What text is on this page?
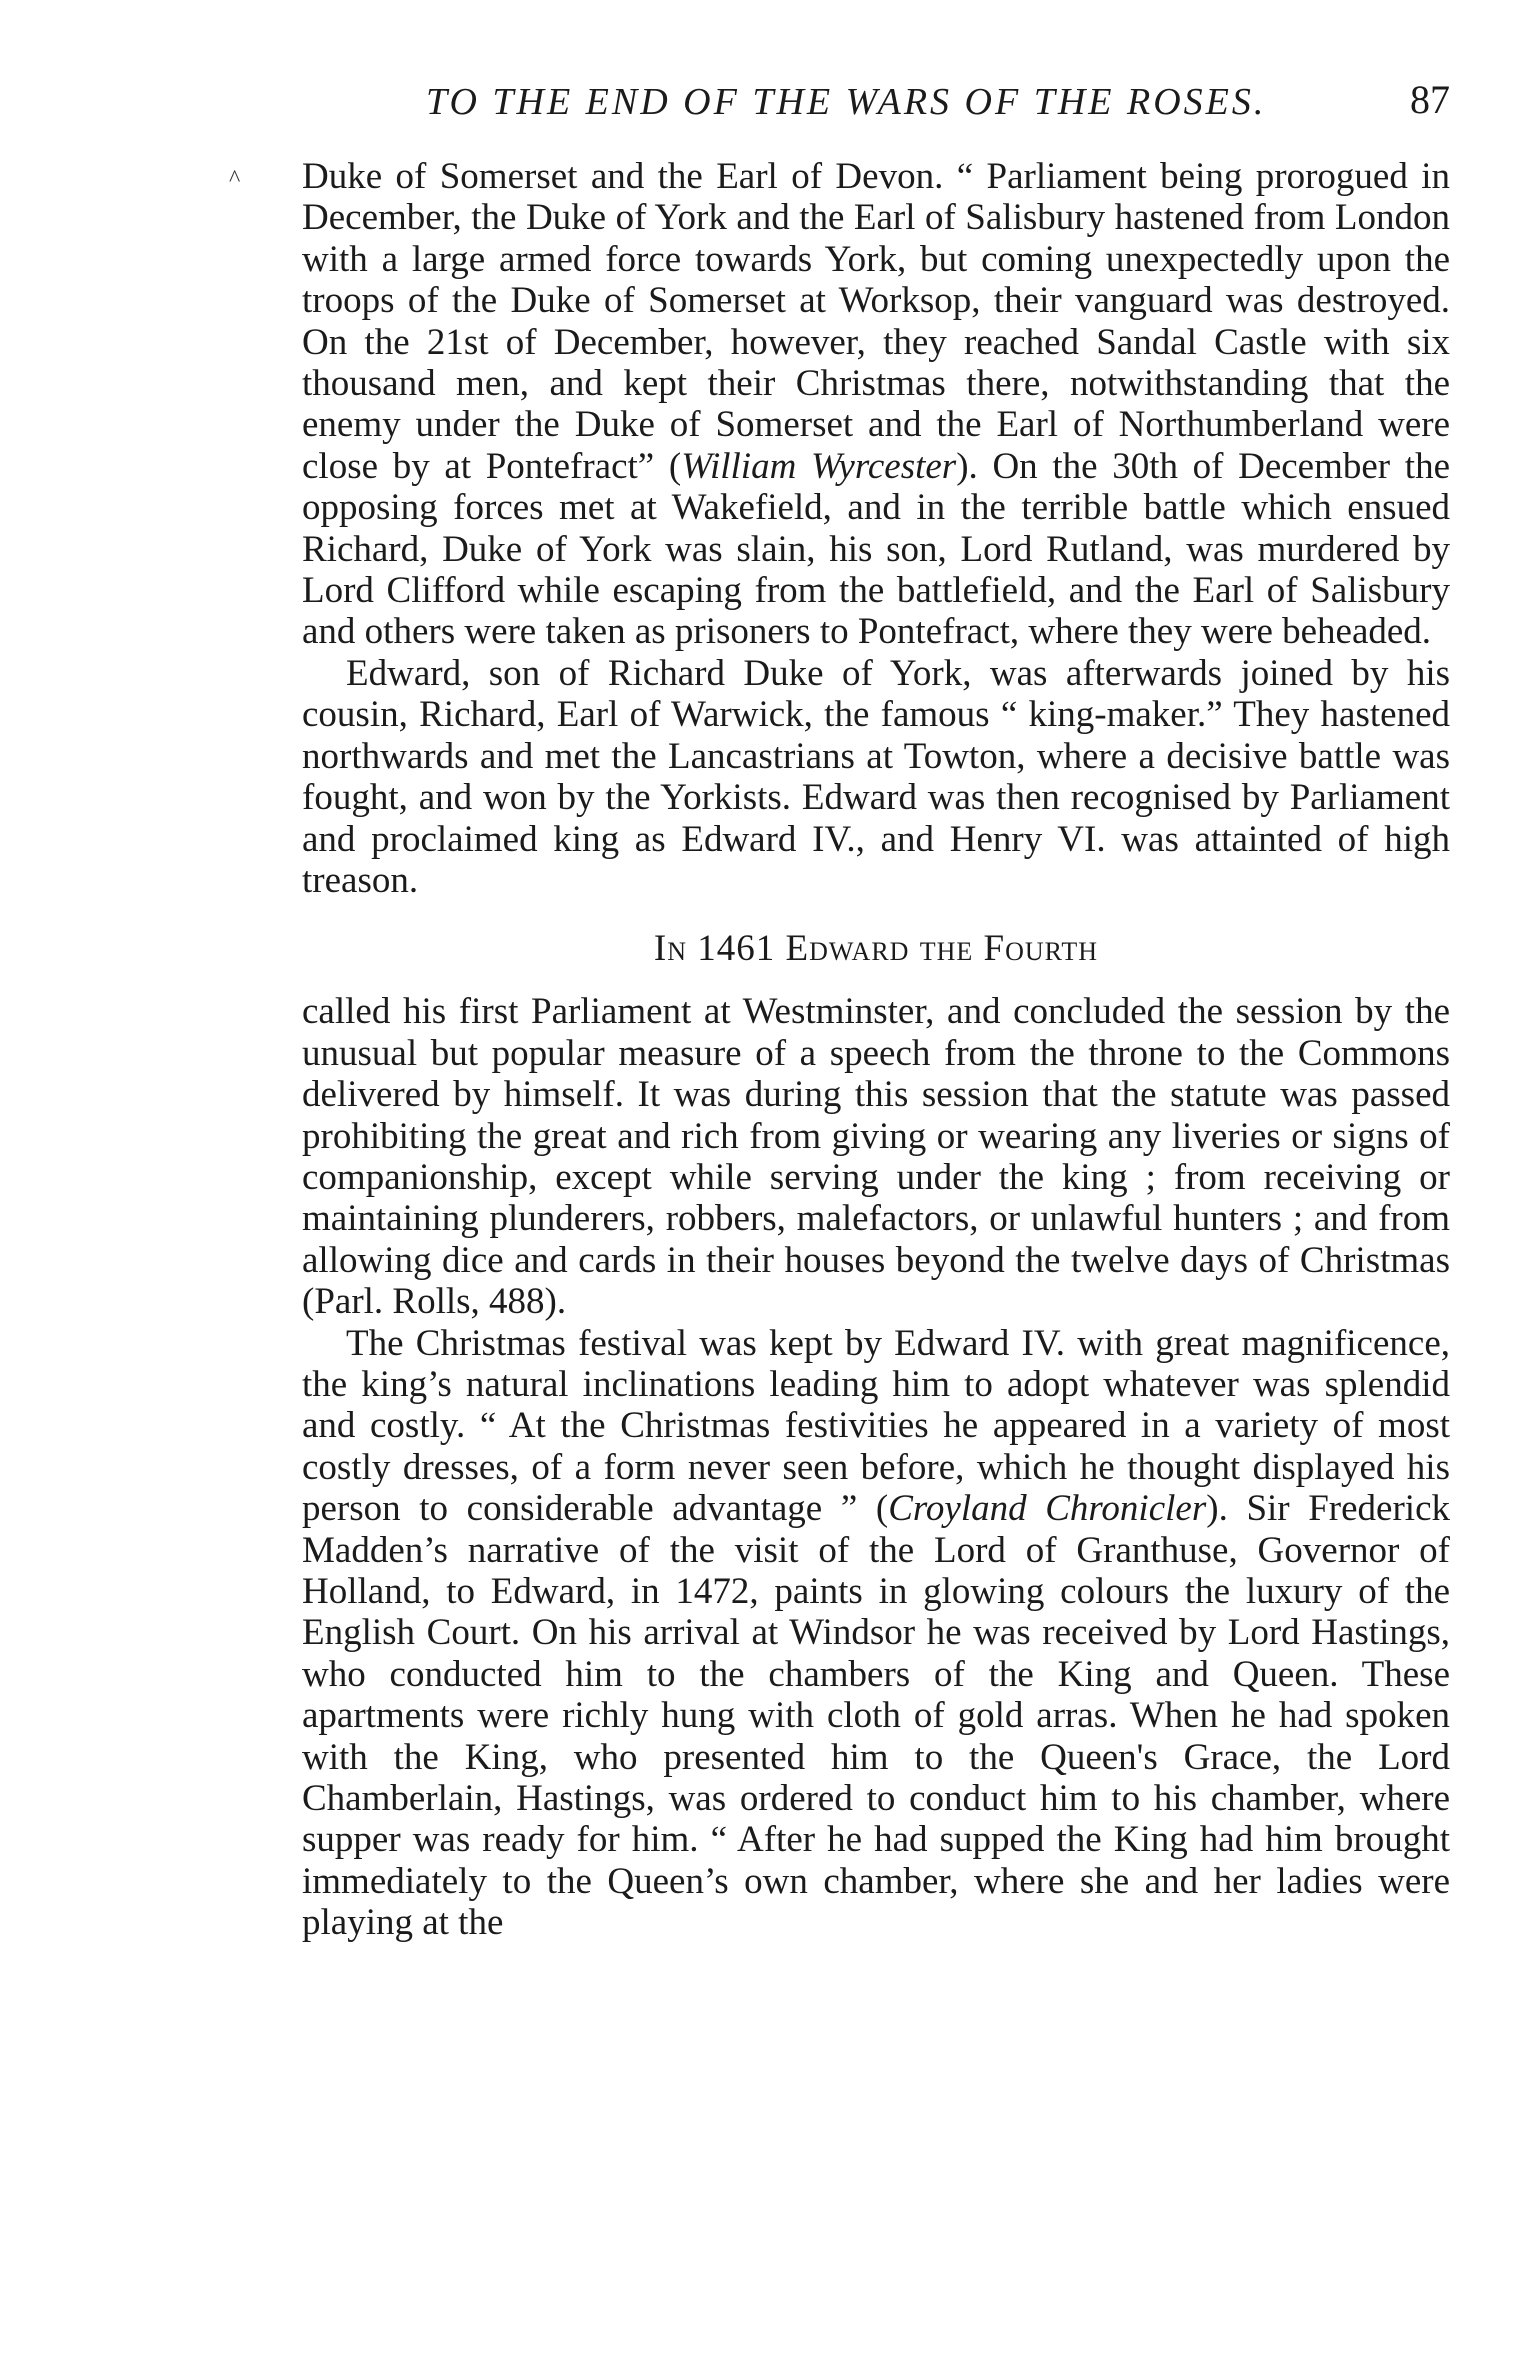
TO THE END OF THE WARS OF THE ROSES.	87
^ Duke of Somerset and the Earl of Devon. “ Parliament being prorogued in December, the Duke of York and the Earl of Salisbury hastened from London with a large armed force towards York, but coming unexpectedly upon the troops of the Duke of Somerset at Worksop, their vanguard was destroyed. On the 21st of December, however, they reached Sandal Castle with six thousand men, and kept their Christmas there, notwithstanding that the enemy under the Duke of Somerset and the Earl of Northumberland were close by at Pontefract” (William Wyrcester). On the 30th of December the opposing forces met at Wakefield, and in the terrible battle which ensued Richard, Duke of York was slain, his son, Lord Rutland, was murdered by Lord Clifford while escaping from the battlefield, and the Earl of Salisbury and others were taken as prisoners to Pontefract, where they were beheaded.

Edward, son of Richard Duke of York, was afterwards joined by his cousin, Richard, Earl of Warwick, the famous “ king-maker.” They hastened northwards and met the Lancastrians at Towton, where a decisive battle was fought, and won by the Yorkists. Edward was then recognised by Parliament and proclaimed king as Edward IV., and Henry VI. was attainted of high treason.

In 1461 Edward the Fourth

called his first Parliament at Westminster, and concluded the session by the unusual but popular measure of a speech from the throne to the Commons delivered by himself. It was during this session that the statute was passed prohibiting the great and rich from giving or wearing any liveries or signs of companionship, except while serving under the king ; from receiving or maintaining plunderers, robbers, malefactors, or unlawful hunters ; and from allowing dice and cards in their houses beyond the twelve days of Christmas (Parl. Rolls, 488).

The Christmas festival was kept by Edward IV. with great magnificence, the king’s natural inclinations leading him to adopt whatever was splendid and costly. “ At the Christmas festivities he appeared in a variety of most costly dresses, of a form never seen before, which he thought displayed his person to considerable advantage ” (Croyland Chronicler). Sir Frederick Madden’s narrative of the visit of the Lord of Granthuse, Governor of Holland, to Edward, in 1472, paints in glowing colours the luxury of the English Court. On his arrival at Windsor he was received by Lord Hastings, who conducted him to the chambers of the King and Queen. These apartments were richly hung with cloth of gold arras. When he had spoken with the King, who presented him to the Queen's Grace, the Lord Chamberlain, Hastings, was ordered to conduct him to his chamber, where supper was ready for him. “ After he had supped the King had him brought immediately to the Queen’s own chamber, where she and her ladies were playing at the
